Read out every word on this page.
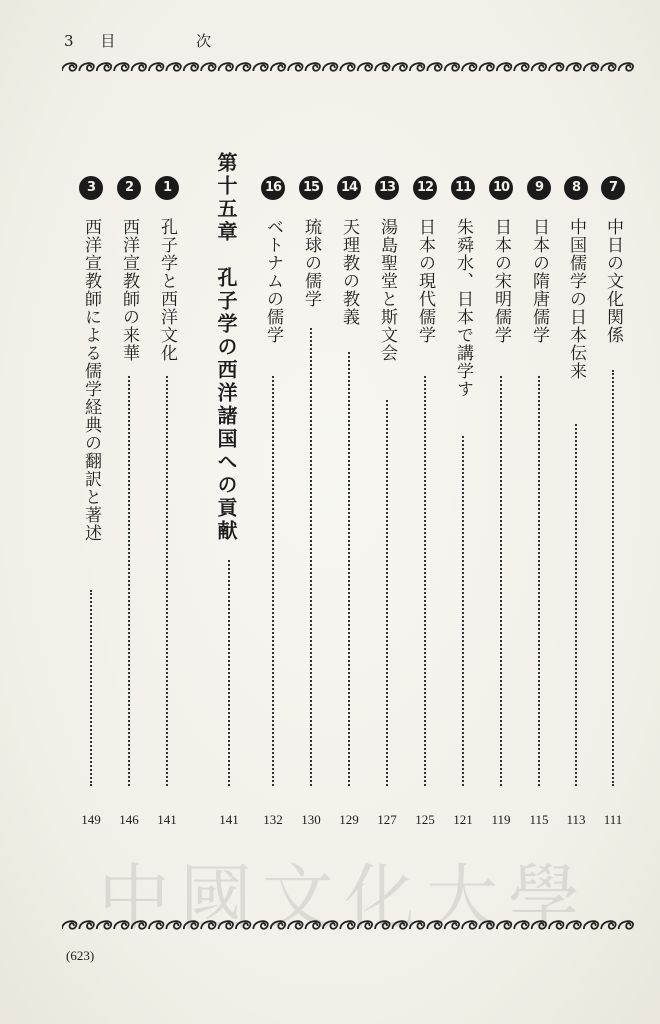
3 目 次
7
中日の文化関係
111
8
中国儒学の日本伝来
113
9
日本の隋唐儒学
115
10
日本の宋明儒学
119
11
朱舜水、日本で講学す
121
12
日本の現代儒学
125
13
湯島聖堂と斯文会
127
14
天理教の教義
129
15
琉球の儒学
130
16
ベトナムの儒学
132
第十五章　孔子学の西洋諸国への貢献
141
1
孔子学と西洋文化
141
2
西洋宣教師の来華
146
3
西洋宣教師による儒学経典の翻訳と著述
149
中國文化大學
(623)
